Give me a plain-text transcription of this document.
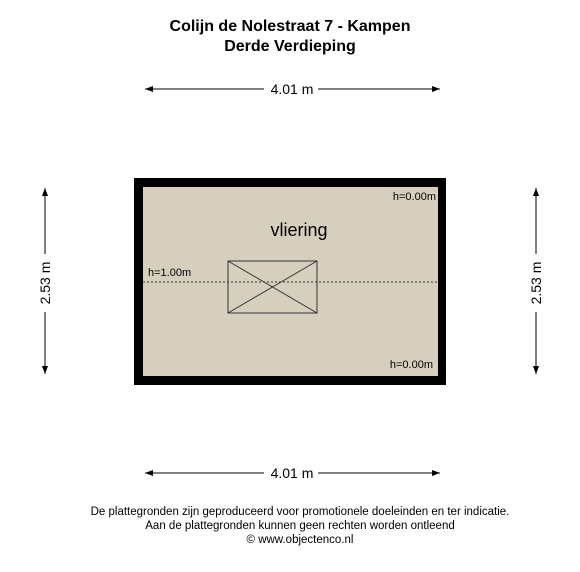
Colijn de Nolestraat 7 - Kampen
Derde Verdieping
4.01 m
4.01 m
2.53 m	2.53 m
vliering
h=0.00m
h=1.00m
h=0.00m
De plattegronden zijn geproduceerd voor promotionele doeleinden en ter indicatie.
Aan de plattegronden kunnen geen rechten worden ontleend
© www.objectenco.nl
